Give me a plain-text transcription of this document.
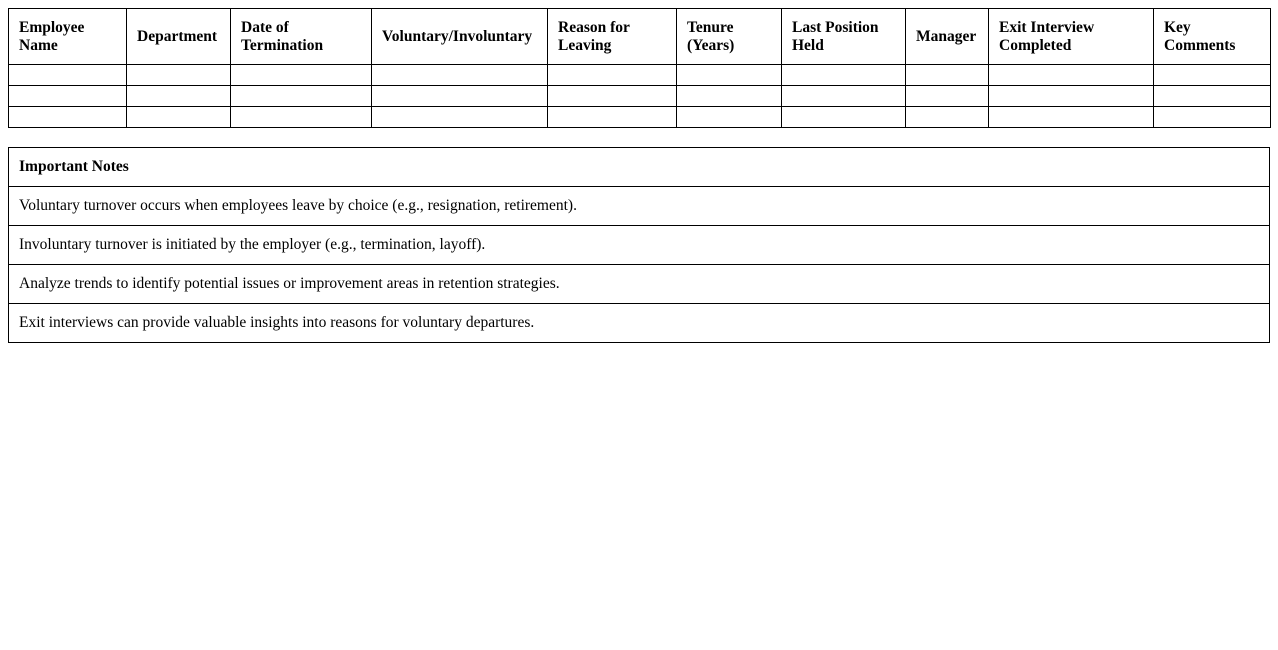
Employee Name	Department	Date of Termination	Voluntary/Involuntary	Reason for Leaving	Tenure (Years)	Last Position Held	Manager	Exit Interview Completed	Key Comments

Important Notes
Voluntary turnover occurs when employees leave by choice (e.g., resignation, retirement).
Involuntary turnover is initiated by the employer (e.g., termination, layoff).
Analyze trends to identify potential issues or improvement areas in retention strategies.
Exit interviews can provide valuable insights into reasons for voluntary departures.
